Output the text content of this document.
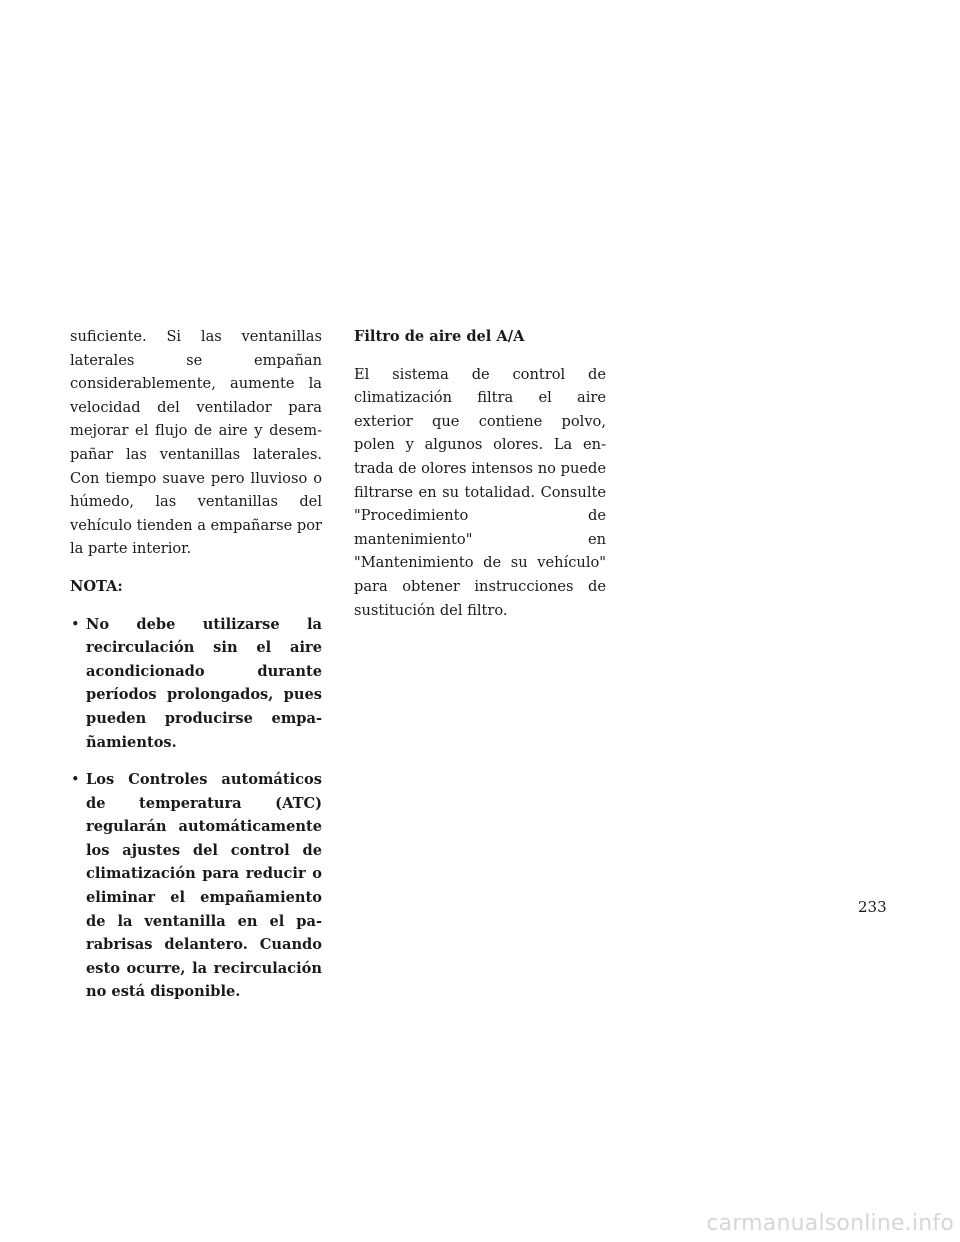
suficiente. Si las ventanillas laterales se empañan considerablemente, aumente la velocidad del ventilador para mejorar el flujo de aire y desempañar las ventanillas laterales. Con tiempo suave pero lluvioso o húmedo, las ventanillas del vehículo tienden a empañarse por la parte interior.

NOTA:
• No debe utilizarse la recirculación sin el aire acondicionado durante períodos prolongados, pues pueden producirse empañamientos.
• Los Controles automáticos de temperatura (ATC) regularán automáticamente los ajustes del control de climatización para reducir o eliminar el empañamiento de la ventanilla en el parabrisas delantero. Cuando esto ocurre, la recirculación no está disponible.
Filtro de aire del A/A

El sistema de control de climatización filtra el aire exterior que contiene polvo, polen y algunos olores. La entrada de olores intensos no puede filtrarse en su totalidad. Consulte "Procedimiento de mantenimiento" en "Mantenimiento de su vehículo" para obtener instrucciones de sustitución del filtro.

233
carmanualsonline.info
